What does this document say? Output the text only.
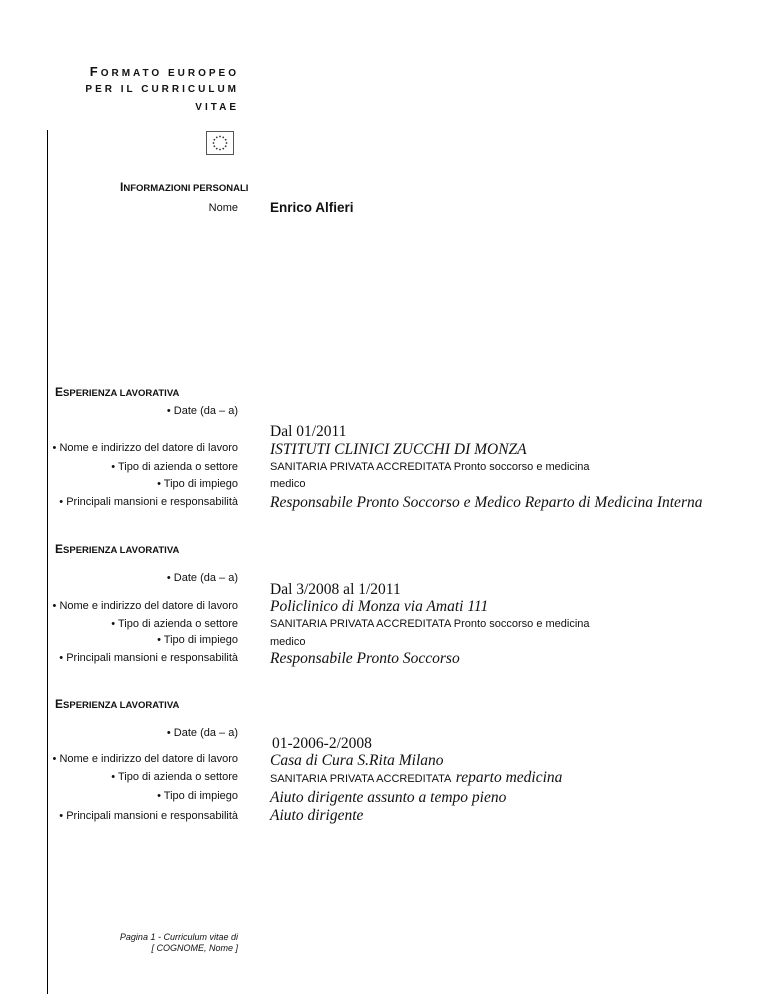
FORMATO EUROPEO
PER IL CURRICULUM
VITAE
INFORMAZIONI PERSONALI
Nome Enrico Alfieri
ESPERIENZA LAVORATIVA
• Date (da – a)
• Nome e indirizzo del datore di lavoro
• Tipo di azienda o settore
• Tipo di impiego
• Principali mansioni e responsabilità
Dal 01/2011
ISTITUTI CLINICI ZUCCHI DI MONZA
SANITARIA PRIVATA ACCREDITATA Pronto soccorso e medicina
medico
Responsabile Pronto Soccorso e Medico Reparto di Medicina Interna
ESPERIENZA LAVORATIVA
• Date (da – a)
• Nome e indirizzo del datore di lavoro
• Tipo di azienda o settore
• Tipo di impiego
• Principali mansioni e responsabilità
Dal 3/2008 al 1/2011
Policlinico di Monza via Amati 111
SANITARIA PRIVATA ACCREDITATA Pronto soccorso e medicina
medico
Responsabile Pronto Soccorso
ESPERIENZA LAVORATIVA
• Date (da – a)
• Nome e indirizzo del datore di lavoro
• Tipo di azienda o settore
• Tipo di impiego
• Principali mansioni e responsabilità
01-2006-2/2008
Casa di Cura S.Rita Milano
SANITARIA PRIVATA ACCREDITATA reparto medicina
Aiuto dirigente assunto a tempo pieno
Aiuto dirigente
Pagina 1 - Curriculum vitae di
[ COGNOME, Nome ]
